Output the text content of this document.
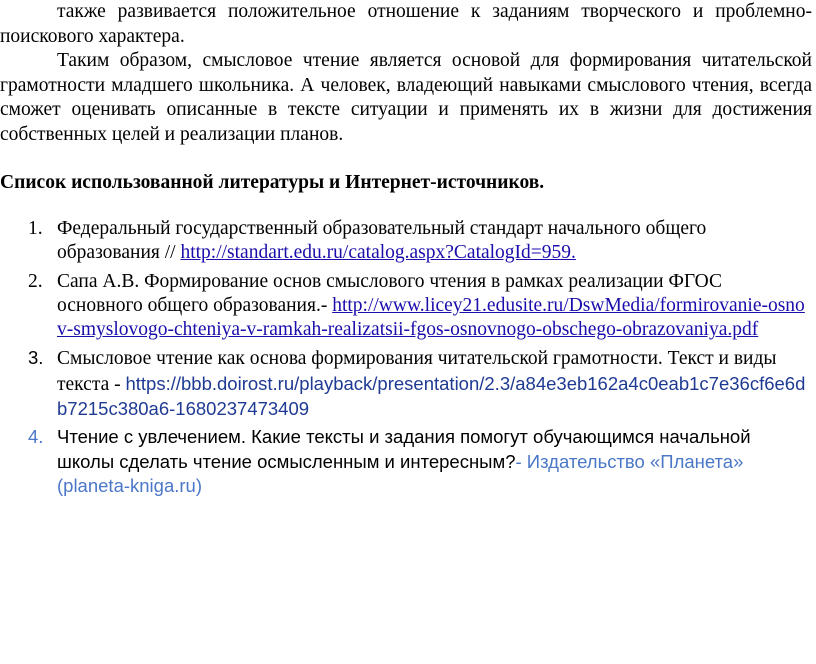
также развивается положительное отношение к заданиям творческого и проблемно-поискового характера.

Таким образом, смысловое чтение является основой для формирования читательской грамотности младшего школьника. А человек, владеющий навыками смыслового чтения, всегда сможет оценивать описанные в тексте ситуации и применять их в жизни для достижения собственных целей и реализации планов.

Список использованной литературы и Интернет-источников.
1. Федеральный государственный образовательный стандарт начального общего образования // http://standart.edu.ru/catalog.aspx?CatalogId=959.
2. Сапа А.В. Формирование основ смыслового чтения в рамках реализации ФГОС основного общего образования.- http://www.licey21.edusite.ru/DswMedia/formirovanie-osnov-smyslovogo-chteniya-v-ramkah-realizatsii-fgos-osnovnogo-obschego-obrazovaniya.pdf
3. Смысловое чтение как основа формирования читательской грамотности. Текст и виды текста - https://bbb.doirost.ru/playback/presentation/2.3/a84e3eb162a4c0eab1c7e36cf6e6db7215c380a6-1680237473409
4. Чтение с увлечением. Какие тексты и задания помогут обучающимся начальной школы сделать чтение осмысленным и интересным?- Издательство «Планета» (planeta-kniga.ru)
